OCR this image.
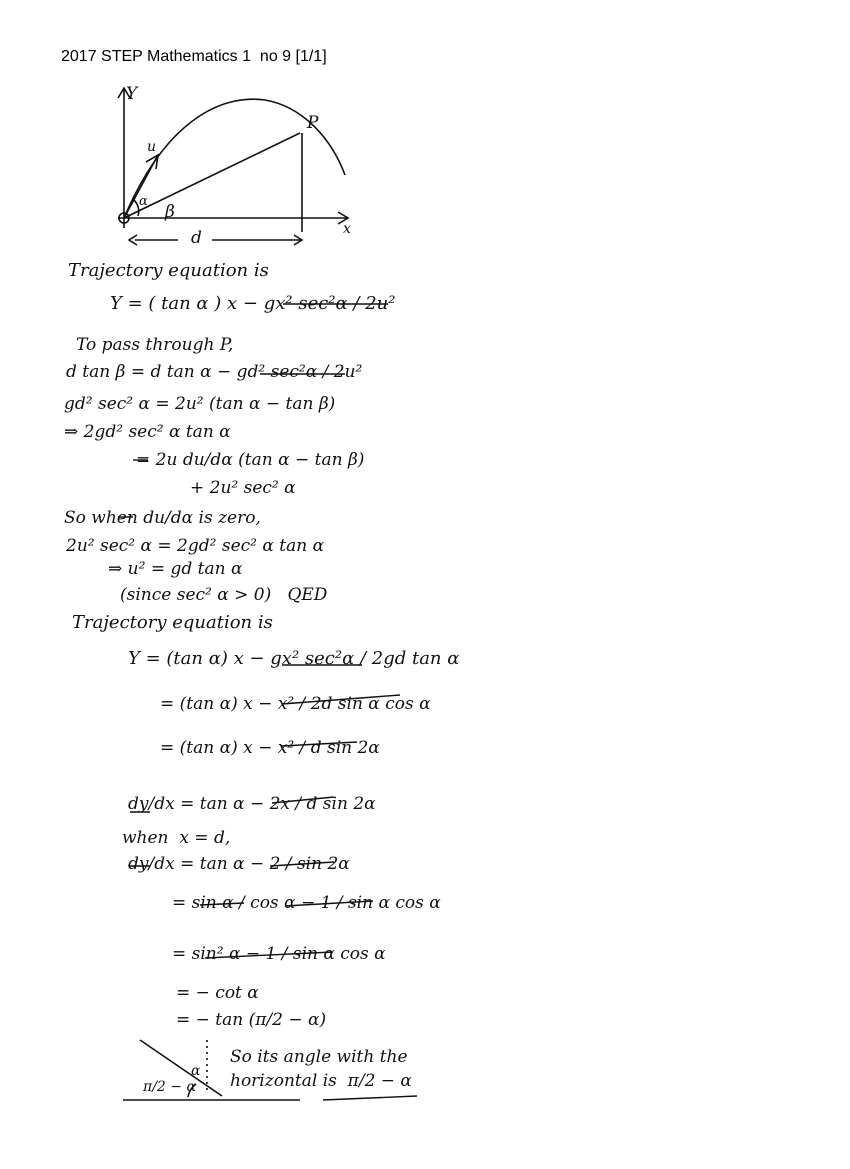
2017 STEP Mathematics 1  no 9 [1/1]
Y
x
u
α
β
P
d
Trajectory equation is
Y = ( tan α ) x − gx² sec²α / 2u²
To pass through P,
d tan β = d tan α − gd² sec²α / 2u²
gd² sec² α = 2u² (tan α − tan β)
⇒ 2gd² sec² α tan α
= 2u du/dα (tan α − tan β)
+ 2u² sec² α
So when du/dα is zero,
2u² sec² α = 2gd² sec² α tan α
⇒ u² = gd tan α
(since sec² α > 0)   QED
Trajectory equation is
Y = (tan α) x − gx² sec²α / 2gd tan α
= (tan α) x − x² / 2d sin α cos α
= (tan α) x − x² / d sin 2α
dy/dx = tan α − 2x / d sin 2α
when  x = d,
dy/dx = tan α − 2 / sin 2α
= sin α / cos α − 1 / sin α cos α
= sin² α − 1 / sin α cos α
= − cot α
= − tan (π/2 − α)
So its angle with the
horizontal is  π/2 − α
α
π/2 − α
